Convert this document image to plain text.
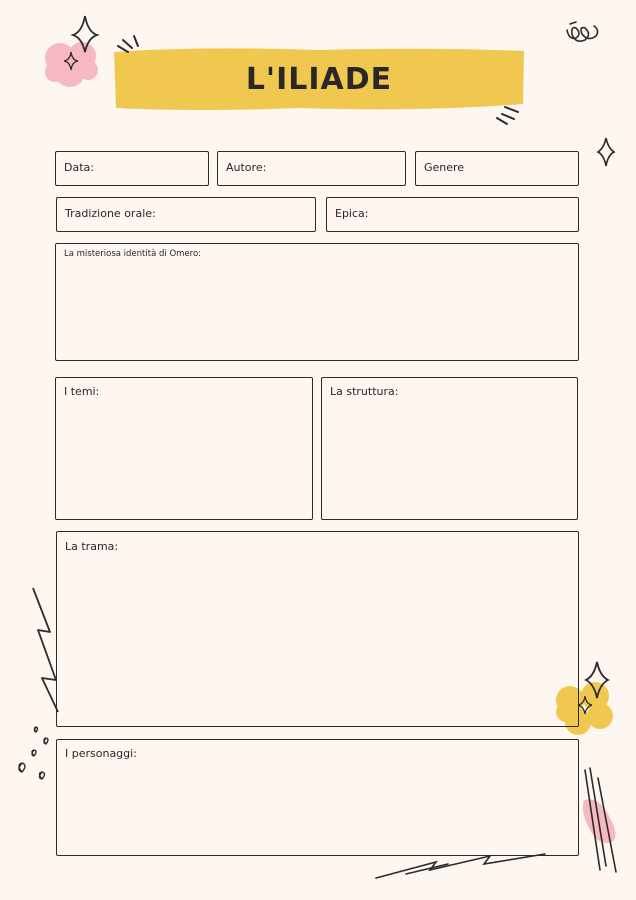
L'ILIADE
Data:	Autore:	Genere
Tradizione orale:	Epica:
La misteriosa identità di Omero:
I temi:	La struttura:
La trama:
I personaggi:
